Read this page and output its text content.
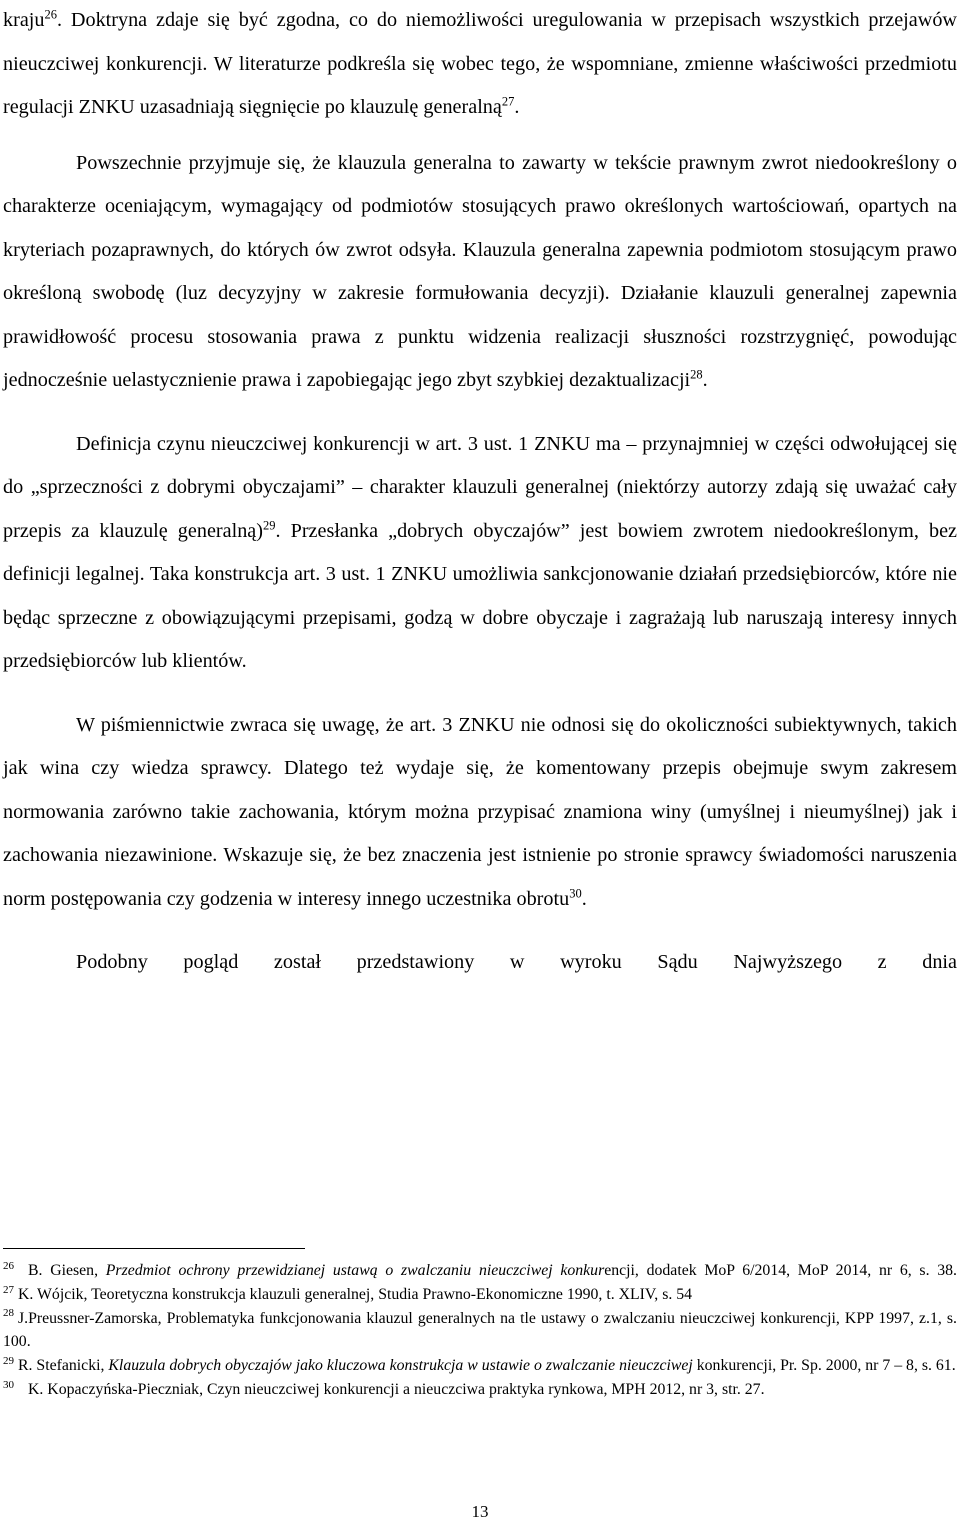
kraju$^{26}$. Doktryna zdaje się być zgodna, co do niemożliwości uregulowania w przepisach wszystkich przejawów nieuczciwej konkurencji. W literaturze podkreśla się wobec tego, że wspomniane, zmienne właściwości przedmiotu regulacji ZNKU uzasadniają sięgnięcie po klauzulę generalną$^{27}$.

Powszechnie przyjmuje się, że klauzula generalna to zawarty w tekście prawnym zwrot niedookreślony o charakterze oceniającym, wymagający od podmiotów stosujących prawo określonych wartościowań, opartych na kryteriach pozaprawnych, do których ów zwrot odsyła. Klauzula generalna zapewnia podmiotom stosującym prawo określoną swobodę (luz decyzyjny w zakresie formułowania decyzji). Działanie klauzuli generalnej zapewnia prawidłowość procesu stosowania prawa z punktu widzenia realizacji słuszności rozstrzygnięć, powodując jednocześnie uelastycznienie prawa i zapobiegając jego zbyt szybkiej dezaktualizacji$^{28}$.

Definicja czynu nieuczciwej konkurencji w art. 3 ust. 1 ZNKU ma – przynajmniej w części odwołującej się do „sprzeczności z dobrymi obyczajami” – charakter klauzuli generalnej (niektórzy autorzy zdają się uważać cały przepis za klauzulę generalną)$^{29}$. Przesłanka „dobrych obyczajów” jest bowiem zwrotem niedookreślonym, bez definicji legalnej. Taka konstrukcja art. 3 ust. 1 ZNKU umożliwia sankcjonowanie działań przedsiębiorców, które nie będąc sprzeczne z obowiązującymi przepisami, godzą w dobre obyczaje i zagrażają lub naruszają interesy innych przedsiębiorców lub klientów.

W piśmiennictwie zwraca się uwagę, że art. 3 ZNKU nie odnosi się do okoliczności subiektywnych, takich jak wina czy wiedza sprawcy. Dlatego też wydaje się, że komentowany przepis obejmuje swym zakresem normowania zarówno takie zachowania, którym można przypisać znamiona winy (umyślnej i nieumyślnej) jak i zachowania niezawinione. Wskazuje się, że bez znaczenia jest istnienie po stronie sprawcy świadomości naruszenia norm postępowania czy godzenia w interesy innego uczestnika obrotu$^{30}$.

Podobny pogląd został przedstawiony w wyroku Sądu Najwyższego z dnia

$^{26}$ B. Giesen, Przedmiot ochrony przewidzianej ustawą o zwalczaniu nieuczciwej konkurencji, dodatek MoP 6/2014, MoP 2014, nr 6, s. 38.

$^{27}$ K. Wójcik, Teoretyczna konstrukcja klauzuli generalnej, Studia Prawno-Ekonomiczne 1990, t. XLIV, s. 54

$^{28}$ J.Preussner-Zamorska, Problematyka funkcjonowania klauzul generalnych na tle ustawy o zwalczaniu nieuczciwej konkurencji, KPP 1997, z.1, s. 100.

$^{29}$ R. Stefanicki, Klauzula dobrych obyczajów jako kluczowa konstrukcja w ustawie o zwalczanie nieuczciwej konkurencji, Pr. Sp. 2000, nr 7 – 8, s. 61.

$^{30}$ K. Kopaczyńska-Pieczniak, Czyn nieuczciwej konkurencji a nieuczciwa praktyka rynkowa, MPH 2012, nr 3, str. 27.

13
